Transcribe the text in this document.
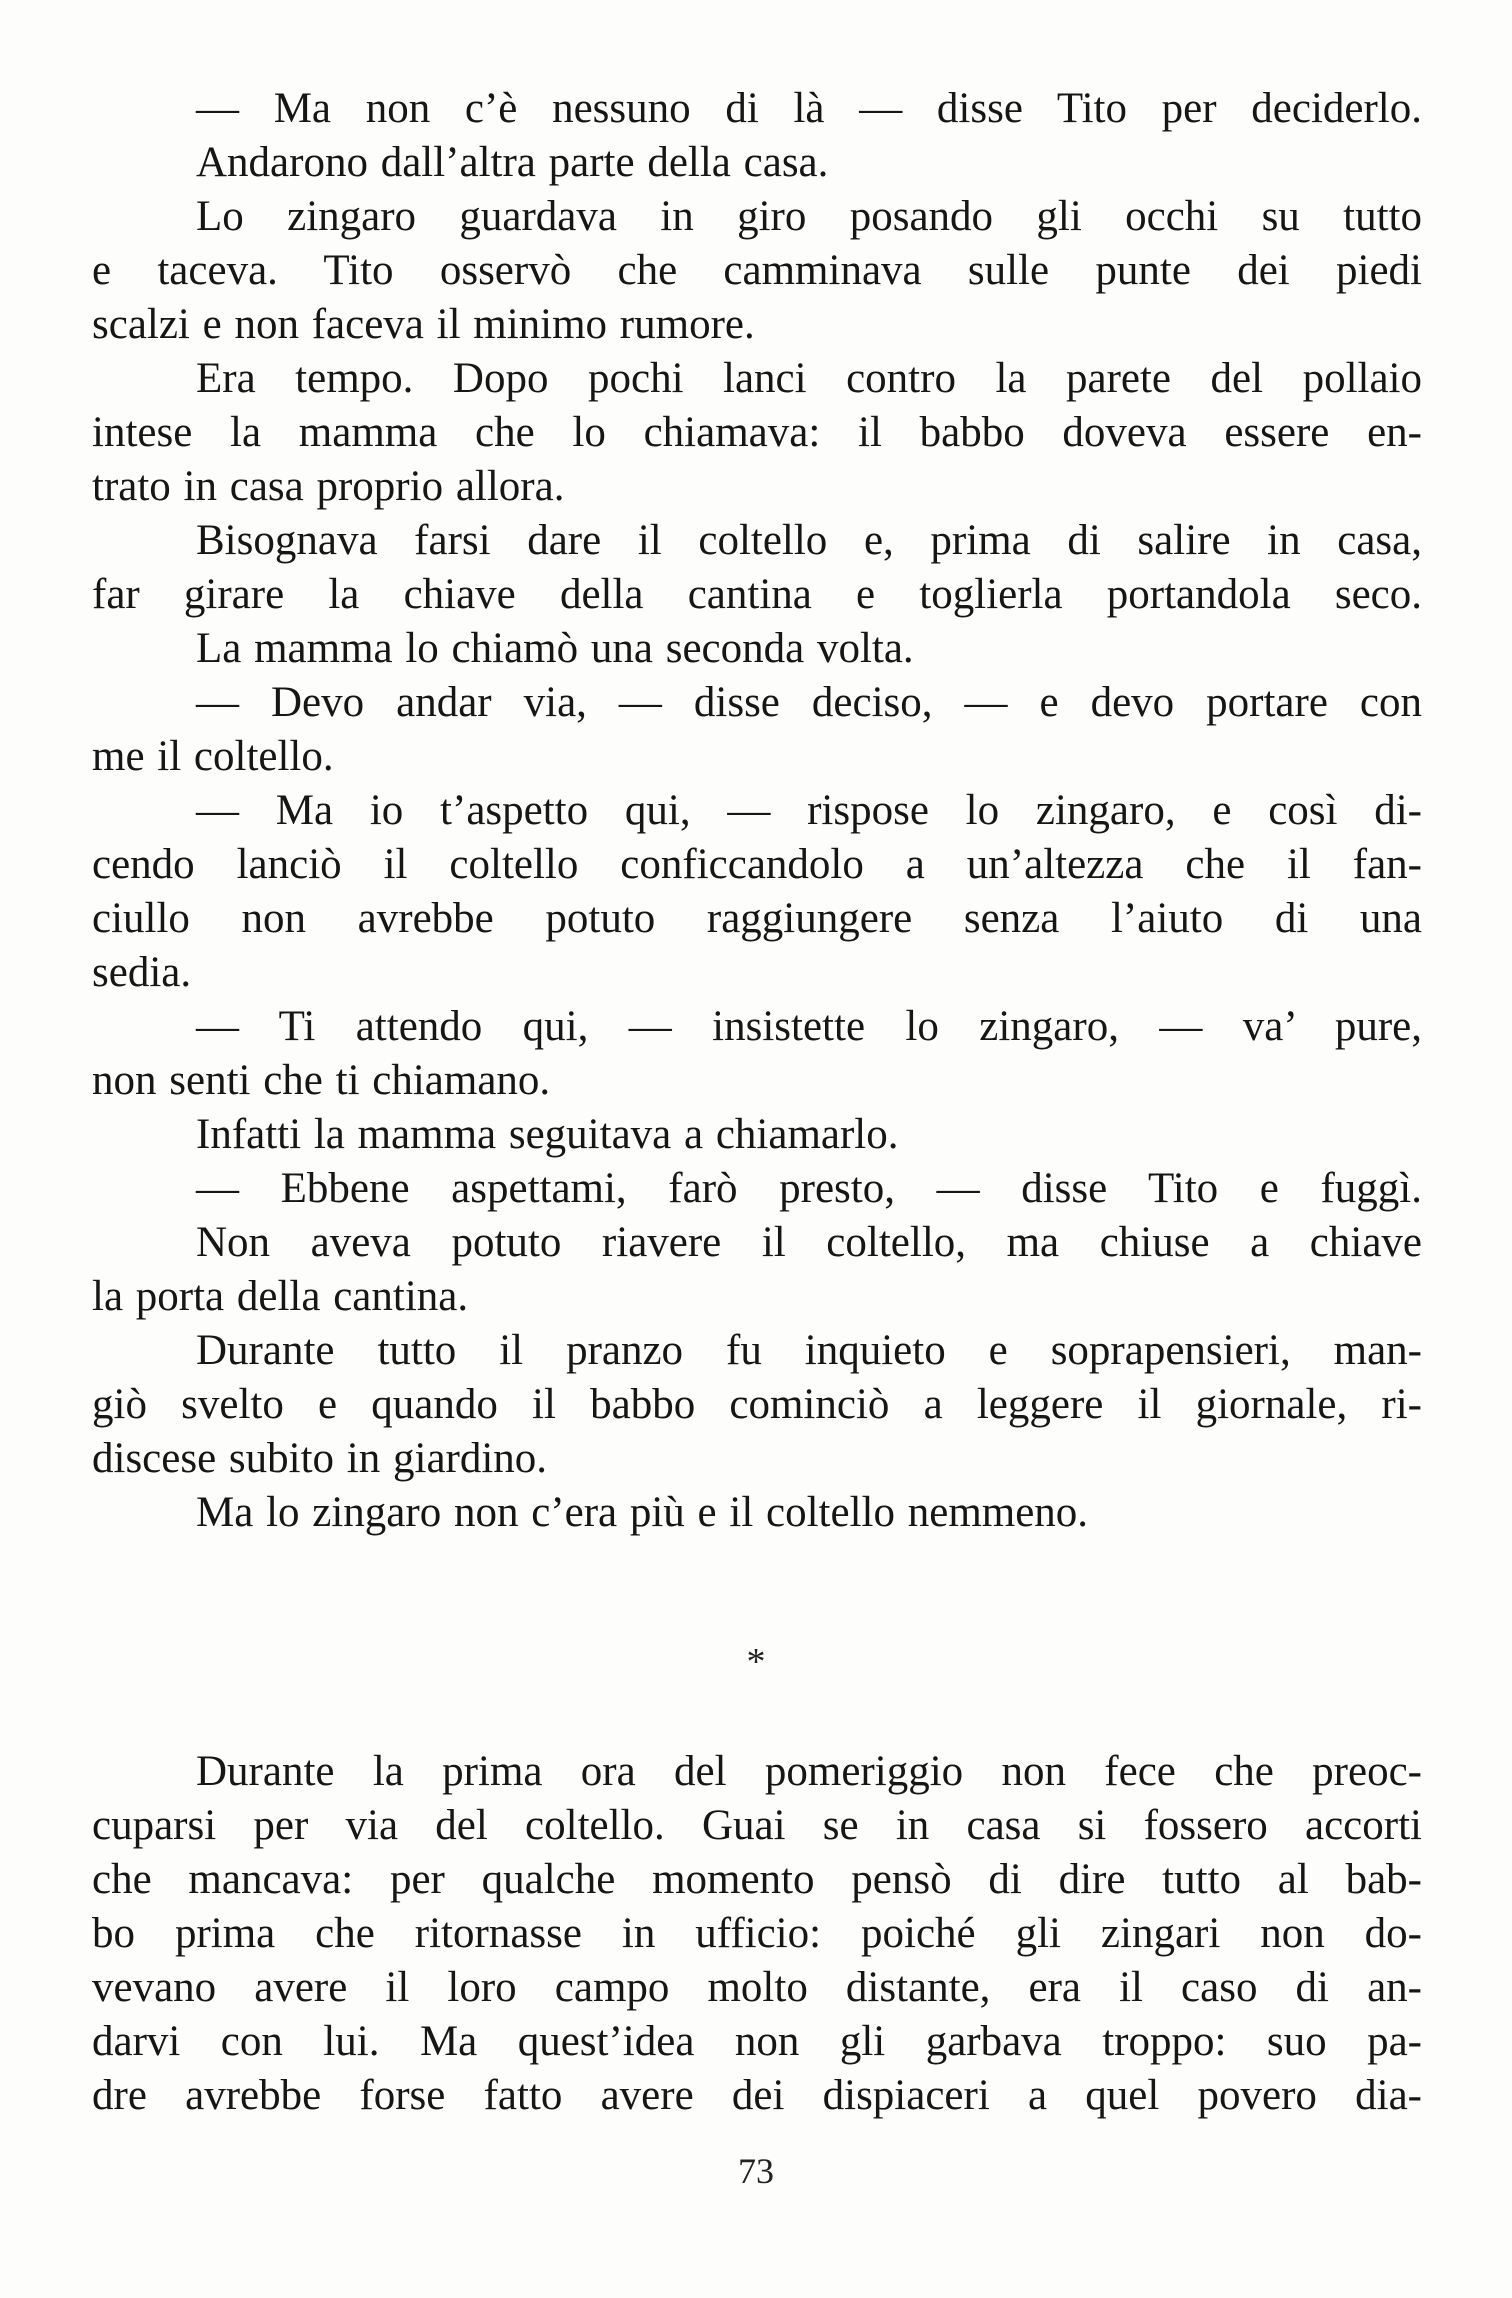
— Ma non c’è nessuno di là — disse Tito per deciderlo.
Andarono dall’altra parte della casa.
Lo zingaro guardava in giro posando gli occhi su tutto
e taceva. Tito osservò che camminava sulle punte dei piedi
scalzi e non faceva il minimo rumore.
Era tempo. Dopo pochi lanci contro la parete del pollaio
intese la mamma che lo chiamava: il babbo doveva essere en-
trato in casa proprio allora.
Bisognava farsi dare il coltello e, prima di salire in casa,
far girare la chiave della cantina e toglierla portandola seco.
La mamma lo chiamò una seconda volta.
— Devo andar via, — disse deciso, — e devo portare con
me il coltello.
— Ma io t’aspetto qui, — rispose lo zingaro, e così di-
cendo lanciò il coltello conficcandolo a un’altezza che il fan-
ciullo non avrebbe potuto raggiungere senza l’aiuto di una
sedia.
— Ti attendo qui, — insistette lo zingaro, — va’ pure,
non senti che ti chiamano.
Infatti la mamma seguitava a chiamarlo.
— Ebbene aspettami, farò presto, — disse Tito e fuggì.
Non aveva potuto riavere il coltello, ma chiuse a chiave
la porta della cantina.
Durante tutto il pranzo fu inquieto e soprapensieri, man-
giò svelto e quando il babbo cominciò a leggere il giornale, ri-
discese subito in giardino.
Ma lo zingaro non c’era più e il coltello nemmeno.
*
Durante la prima ora del pomeriggio non fece che preoc-
cuparsi per via del coltello. Guai se in casa si fossero accorti
che mancava: per qualche momento pensò di dire tutto al bab-
bo prima che ritornasse in ufficio: poiché gli zingari non do-
vevano avere il loro campo molto distante, era il caso di an-
darvi con lui. Ma quest’idea non gli garbava troppo: suo pa-
dre avrebbe forse fatto avere dei dispiaceri a quel povero dia-
73
